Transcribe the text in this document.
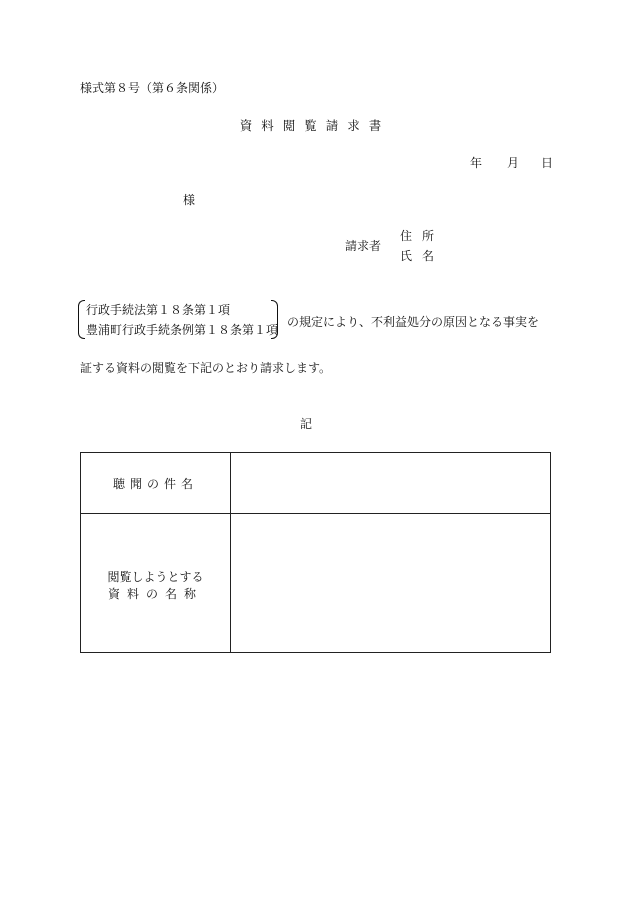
様式第８号（第６条関係）
資料閲覧請求書
年 月 日
様
請求者
住所
氏名
行政手続法第１８条第１項
豊浦町行政手続条例第１８条第１項
の規定により、不利益処分の原因となる事実を
証する資料の閲覧を下記のとおり請求します。
記
聴聞の件名
閲覧しようとする
資料の名称
